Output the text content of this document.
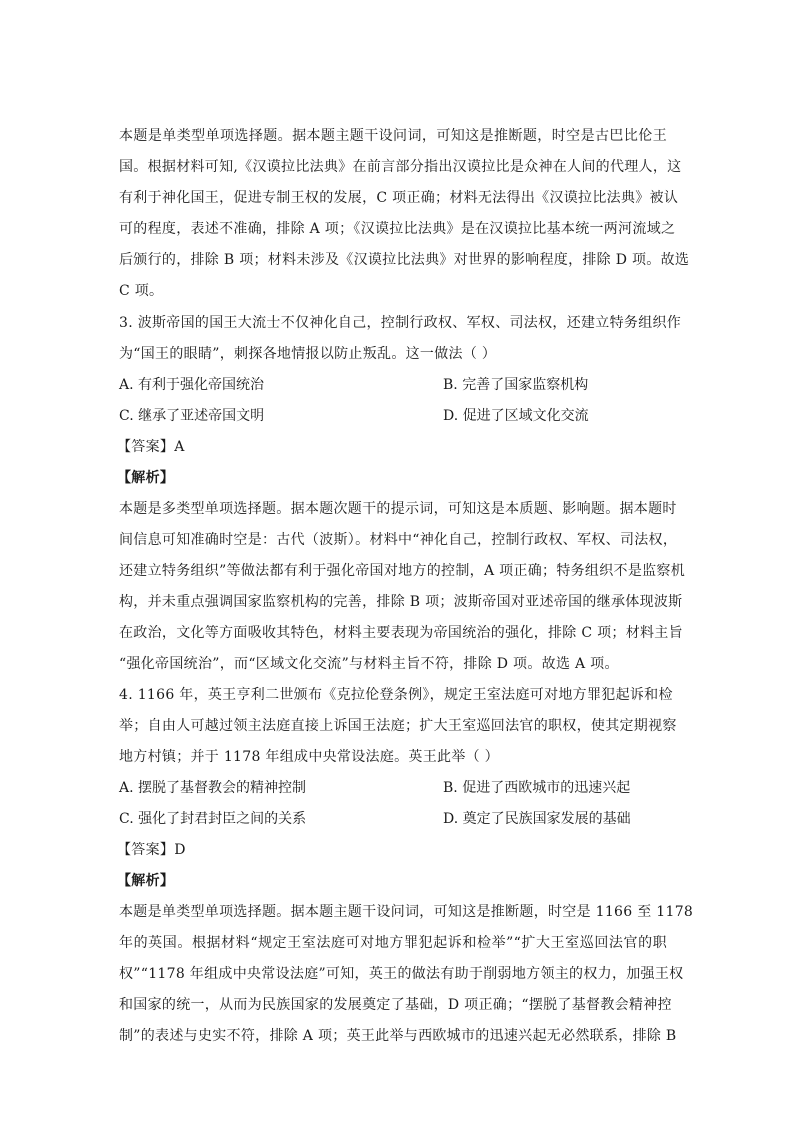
本题是单类型单项选择题。据本题主题干设问词，可知这是推断题，时空是古巴比伦王
国。根据材料可知,《汉谟拉比法典》在前言部分指出汉谟拉比是众神在人间的代理人，这
有利于神化国王，促进专制王权的发展，C 项正确；材料无法得出《汉谟拉比法典》被认
可的程度，表述不准确，排除 A 项；《汉谟拉比法典》是在汉谟拉比基本统一两河流域之
后颁行的，排除 B 项；材料未涉及《汉谟拉比法典》对世界的影响程度，排除 D 项。故选
C 项。
3. 波斯帝国的国王大流士不仅神化自己，控制行政权、军权、司法权，还建立特务组织作
为“国王的眼睛”，刺探各地情报以防止叛乱。这一做法（ ）
A. 有利于强化帝国统治	B. 完善了国家监察机构
C. 继承了亚述帝国文明	D. 促进了区域文化交流
【答案】A
【解析】
本题是多类型单项选择题。据本题次题干的提示词，可知这是本质题、影响题。据本题时
间信息可知准确时空是：古代（波斯）。材料中“神化自己，控制行政权、军权、司法权，
还建立特务组织”等做法都有利于强化帝国对地方的控制，A 项正确；特务组织不是监察机
构，并未重点强调国家监察机构的完善，排除 B 项；波斯帝国对亚述帝国的继承体现波斯
在政治，文化等方面吸收其特色，材料主要表现为帝国统治的强化，排除 C 项；材料主旨
“强化帝国统治”，而“区域文化交流”与材料主旨不符，排除 D 项。故选 A 项。
4. 1166 年，英王亨利二世颁布《克拉伦登条例》，规定王室法庭可对地方罪犯起诉和检
举；自由人可越过领主法庭直接上诉国王法庭；扩大王室巡回法官的职权，使其定期视察
地方村镇；并于 1178 年组成中央常设法庭。英王此举（ ）
A. 摆脱了基督教会的精神控制	B. 促进了西欧城市的迅速兴起
C. 强化了封君封臣之间的关系	D. 奠定了民族国家发展的基础
【答案】D
【解析】
本题是单类型单项选择题。据本题主题干设问词，可知这是推断题，时空是 1166 至 1178
年的英国。根据材料“规定王室法庭可对地方罪犯起诉和检举”“扩大王室巡回法官的职
权”“1178 年组成中央常设法庭”可知，英王的做法有助于削弱地方领主的权力，加强王权
和国家的统一，从而为民族国家的发展奠定了基础，D 项正确；“摆脱了基督教会精神控
制”的表述与史实不符，排除 A 项；英王此举与西欧城市的迅速兴起无必然联系，排除 B
